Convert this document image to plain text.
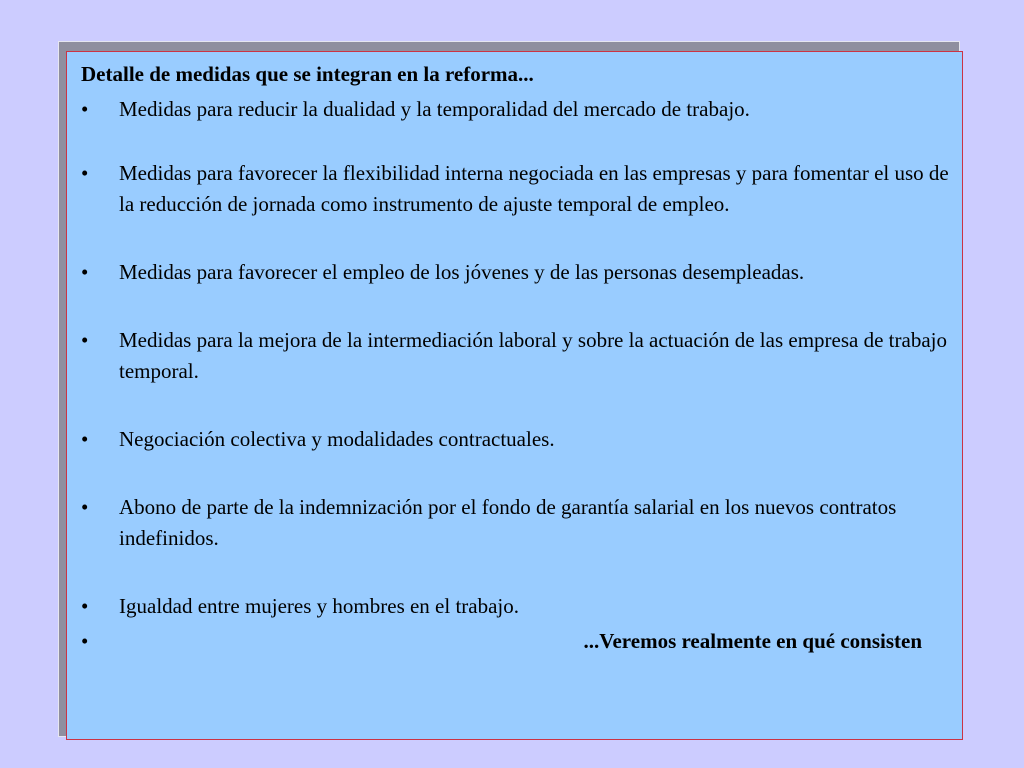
Detalle de medidas que se integran en la reforma...
•	Medidas para reducir la dualidad y la temporalidad del mercado de trabajo.
•	Medidas para favorecer la flexibilidad interna negociada en las empresas y para fomentar el uso de la reducción de jornada como instrumento de ajuste temporal de empleo.
•	Medidas para favorecer el empleo de los jóvenes y de las personas desempleadas.
•	Medidas para la mejora de la intermediación laboral y sobre la actuación de las empresa de trabajo temporal.
•	Negociación colectiva y modalidades contractuales.
•	Abono de parte de la indemnización por el fondo de garantía salarial en los nuevos contratos indefinidos.
•	Igualdad entre mujeres y hombres en el trabajo.
•	...Veremos realmente en qué consisten
